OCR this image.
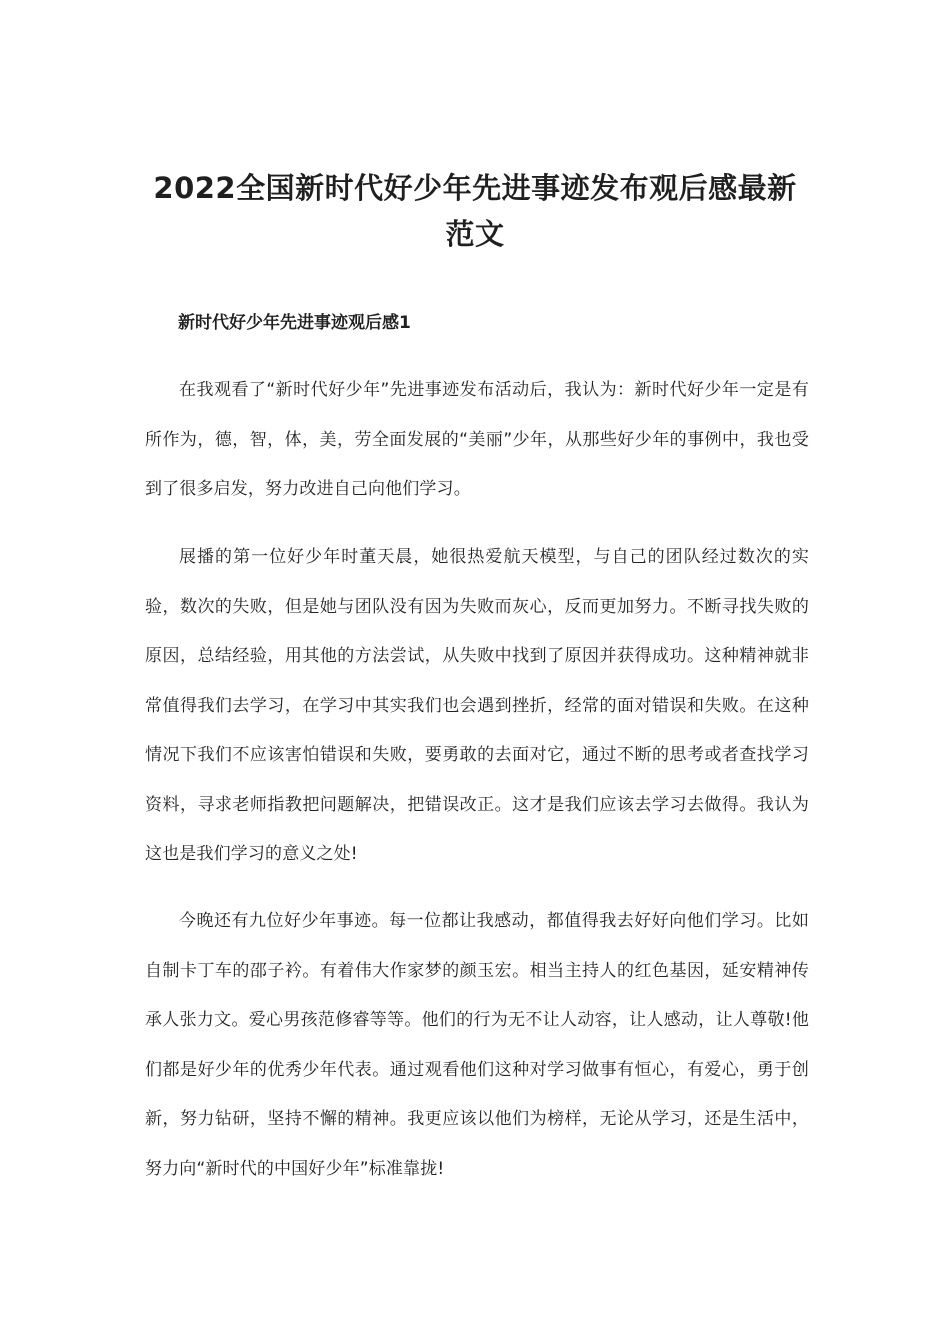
2022全国新时代好少年先进事迹发布观后感最新范文

新时代好少年先进事迹观后感1

在我观看了“新时代好少年”先进事迹发布活动后，我认为：新时代好少年一定是有所作为，德，智，体，美，劳全面发展的“美丽”少年，从那些好少年的事例中，我也受到了很多启发，努力改进自己向他们学习。

展播的第一位好少年时董天晨，她很热爱航天模型，与自己的团队经过数次的实验，数次的失败，但是她与团队没有因为失败而灰心，反而更加努力。不断寻找失败的原因，总结经验，用其他的方法尝试，从失败中找到了原因并获得成功。这种精神就非常值得我们去学习，在学习中其实我们也会遇到挫折，经常的面对错误和失败。在这种情况下我们不应该害怕错误和失败，要勇敢的去面对它，通过不断的思考或者查找学习资料，寻求老师指教把问题解决，把错误改正。这才是我们应该去学习去做得。我认为这也是我们学习的意义之处!

今晚还有九位好少年事迹。每一位都让我感动，都值得我去好好向他们学习。比如自制卡丁车的邵子衿。有着伟大作家梦的颜玉宏。相当主持人的红色基因，延安精神传承人张力文。爱心男孩范修睿等等。他们的行为无不让人动容，让人感动，让人尊敬!他们都是好少年的优秀少年代表。通过观看他们这种对学习做事有恒心，有爱心，勇于创新，努力钻研，坚持不懈的精神。我更应该以他们为榜样，无论从学习，还是生活中，努力向“新时代的中国好少年”标准靠拢!
